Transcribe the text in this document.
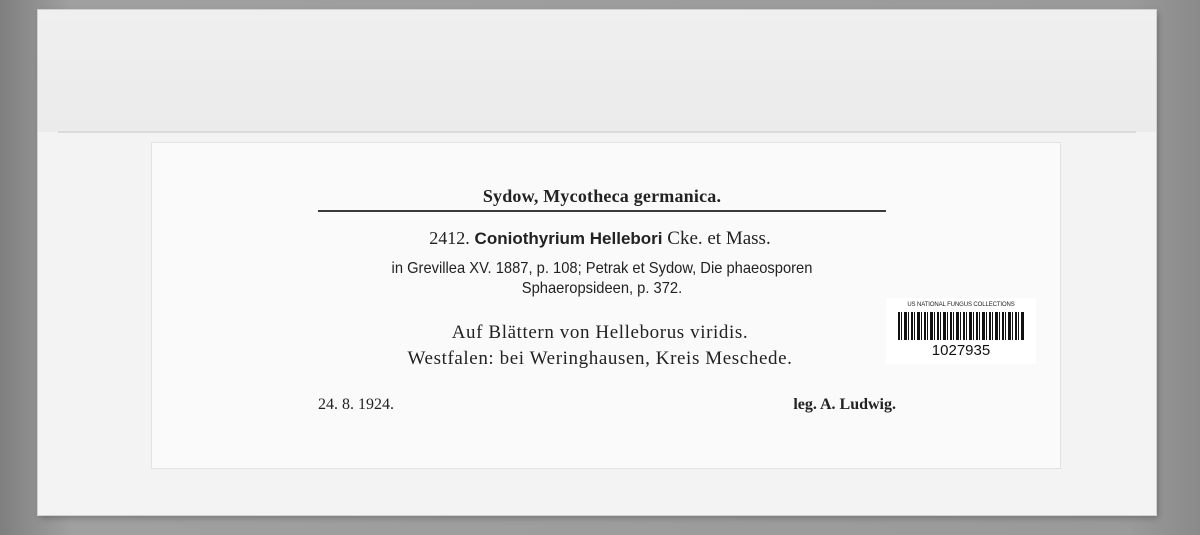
Sydow, Mycotheca germanica.
2412. Coniothyrium Hellebori Cke. et Mass.
in Grevillea XV. 1887, p. 108; Petrak et Sydow, Die phaeosporen
Sphaeropsideen, p. 372.
Auf Blättern von Helleborus viridis.
Westfalen: bei Weringhausen, Kreis Meschede.
24. 8. 1924.	leg. A. Ludwig.
US NATIONAL FUNGUS COLLECTIONS
1027935
